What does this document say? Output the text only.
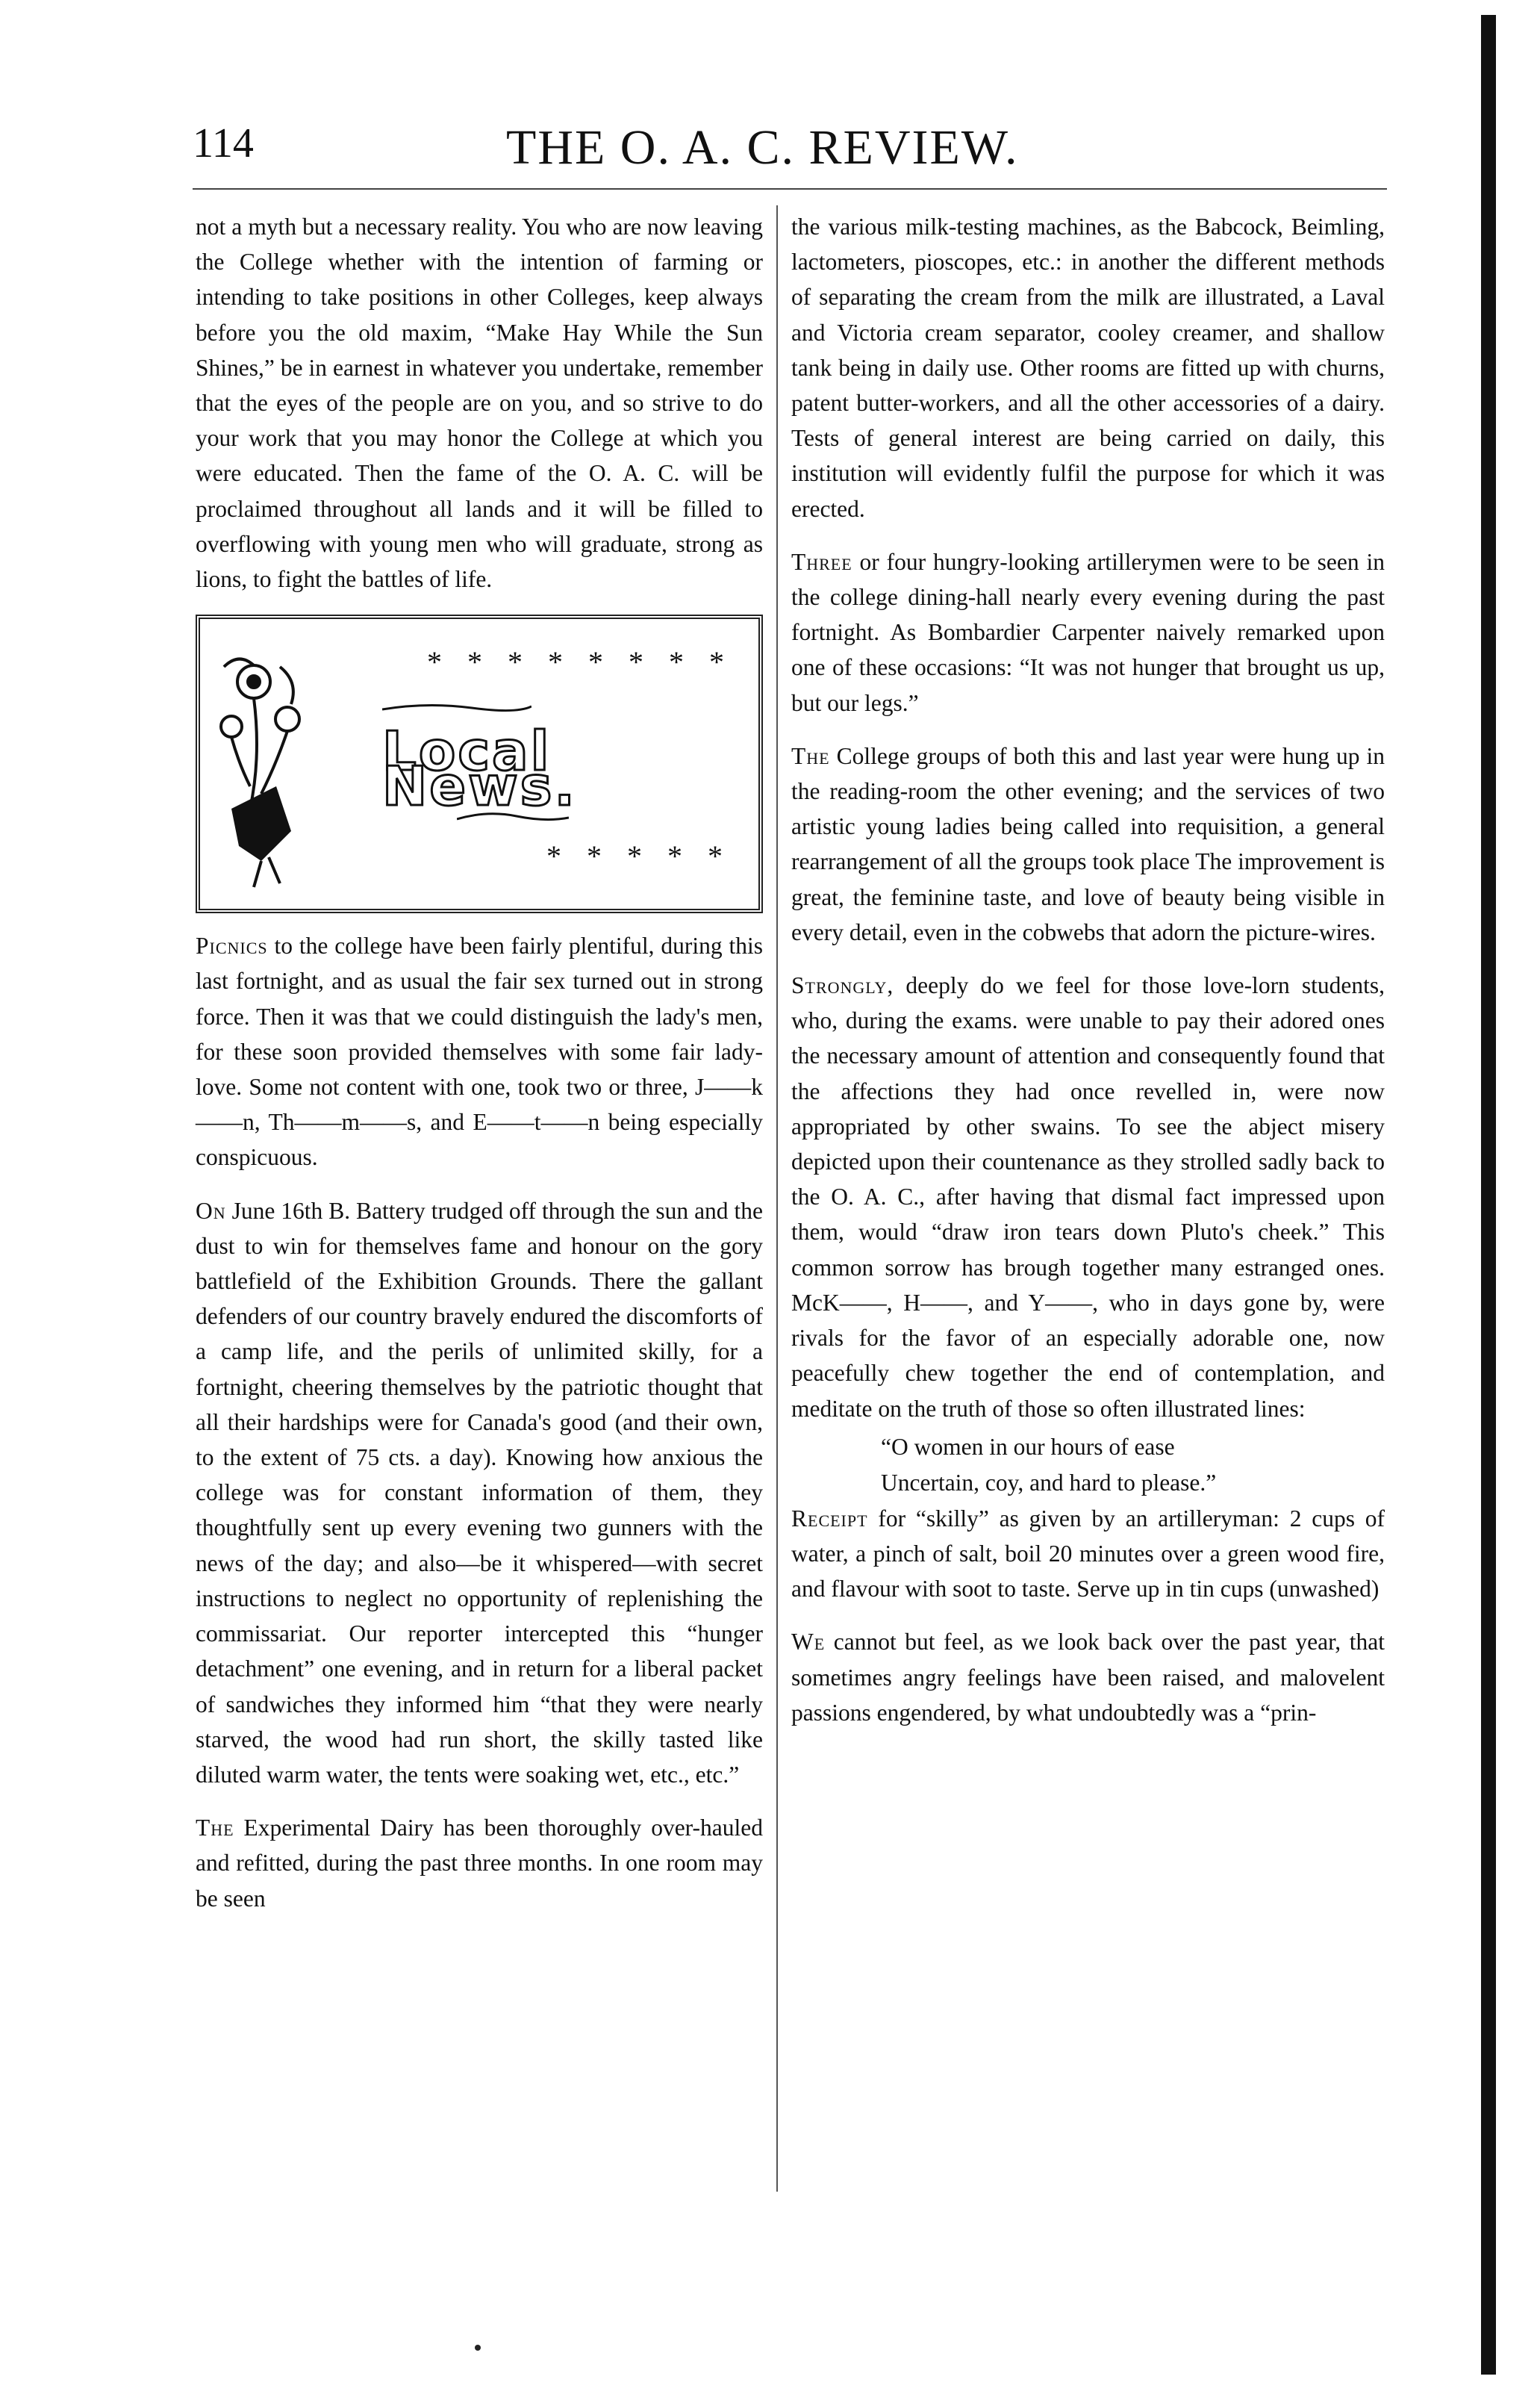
114	THE O. A. C. REVIEW.

not a myth but a necessary reality. You who are now leaving the College whether with the intention of farming or intending to take positions in other Colleges, keep always before you the old maxim, “Make Hay While the Sun Shines,” be in earnest in whatever you undertake, remember that the eyes of the people are on you, and so strive to do your work that you may honor the College at which you were educated. Then the fame of the O. A. C. will be proclaimed throughout all lands and it will be filled to overflowing with young men who will graduate, strong as lions, to fight the battles of life.

* * * * * * * *
Local News.
* * * * *

Picnics to the college have been fairly plentiful, during this last fortnight, and as usual the fair sex turned out in strong force. Then it was that we could distinguish the lady's men, for these soon provided themselves with some fair lady-love. Some not content with one, took two or three, J——k ——n, Th——m——s, and E——t——n being especially conspicuous.

On June 16th B. Battery trudged off through the sun and the dust to win for themselves fame and honour on the gory battlefield of the Exhibition Grounds. There the gallant defenders of our country bravely endured the discomforts of a camp life, and the perils of unlimited skilly, for a fortnight, cheering themselves by the patriotic thought that all their hardships were for Canada's good (and their own, to the extent of 75 cts. a day). Knowing how anxious the college was for constant information of them, they thoughtfully sent up every evening two gunners with the news of the day; and also—be it whispered—with secret instructions to neglect no opportunity of replenishing the commissariat. Our reporter intercepted this “hunger detachment” one evening, and in return for a liberal packet of sandwiches they informed him “that they were nearly starved, the wood had run short, the skilly tasted like diluted warm water, the tents were soaking wet, etc., etc.”

The Experimental Dairy has been thoroughly over-hauled and refitted, during the past three months. In one room may be seen

the various milk-testing machines, as the Babcock, Beimling, lactometers, pioscopes, etc.: in another the different methods of separating the cream from the milk are illustrated, a Laval and Victoria cream separator, cooley creamer, and shallow tank being in daily use. Other rooms are fitted up with churns, patent butter-workers, and all the other accessories of a dairy. Tests of general interest are being carried on daily, this institution will evidently fulfil the purpose for which it was erected.

Three or four hungry-looking artillerymen were to be seen in the college dining-hall nearly every evening during the past fortnight. As Bombardier Carpenter naively remarked upon one of these occasions: “It was not hunger that brought us up, but our legs.”

The College groups of both this and last year were hung up in the reading-room the other evening; and the services of two artistic young ladies being called into requisition, a general rearrangement of all the groups took place The improvement is great, the feminine taste, and love of beauty being visible in every detail, even in the cobwebs that adorn the picture-wires.

Strongly, deeply do we feel for those love-lorn students, who, during the exams. were unable to pay their adored ones the necessary amount of attention and consequently found that the affections they had once revelled in, were now appropriated by other swains. To see the abject misery depicted upon their countenance as they strolled sadly back to the O. A. C., after having that dismal fact impressed upon them, would “draw iron tears down Pluto's cheek.” This common sorrow has brough together many estranged ones. McK——, H——, and Y——, who in days gone by, were rivals for the favor of an especially adorable one, now peacefully chew together the end of contemplation, and meditate on the truth of those so often illustrated lines:

“O women in our hours of ease
Uncertain, coy, and hard to please.”

Receipt for “skilly” as given by an artilleryman: 2 cups of water, a pinch of salt, boil 20 minutes over a green wood fire, and flavour with soot to taste. Serve up in tin cups (unwashed)

We cannot but feel, as we look back over the past year, that sometimes angry feelings have been raised, and malovelent passions engendered, by what undoubtedly was a “prin-
